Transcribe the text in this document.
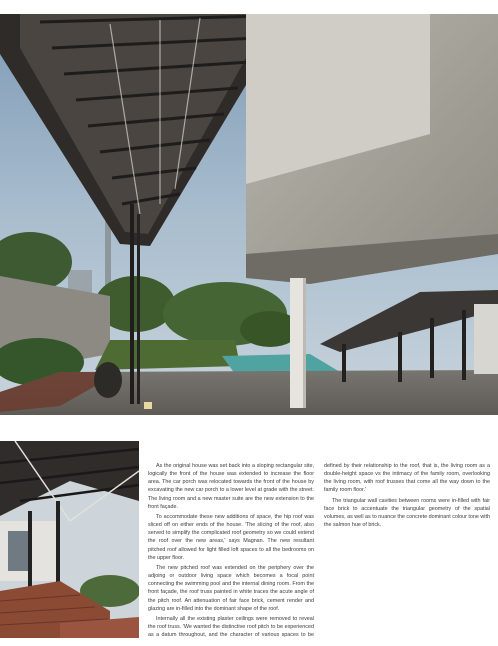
As the original house was set back into a sloping rectangular site, logically the front of the house was extended to increase the floor area. The car porch was relocated towards the front of the house by excavating the new car porch to a lower level at grade with the street. The living room and a new master suite are the new extension to the front façade.

To accommodate these new additions of space, the hip roof was sliced off on either ends of the house. 'The slicing of the roof, also served to simplify the complicated roof geometry so we could extend the roof over the new areas,' says Magnan. The new resultant pitched roof allowed for light filled loft spaces to all the bedrooms on the upper floor.

The new pitched roof was extended on the periphery over the adjoing or outdoor living space which becomes a focal point connecting the swimming pool and the internal dining room. From the front façade, the roof truss painted in white traces the acute angle of the pitch roof. An attenuation of fair face brick, cement render and glazing are in-filled into the dominant shape of the roof.

Internally all the existing plaster ceilings were removed to reveal the roof truss. 'We wanted the distinctive roof pitch to be experienced as a datum throughout, and the character of various spaces to be defined by their relationship to the roof, that is, the living room as a double-height space vs the intimacy of the family room, overlooking the living room, with roof trusses that come all the way down to the family room floor.'

The triangular wall cavities between rooms were in-filled with fair face brick to accentuate the triangular geometry of the spatial volumes, as well as to nuance the concrete dominant colour tone with the salmon hue of brick.
